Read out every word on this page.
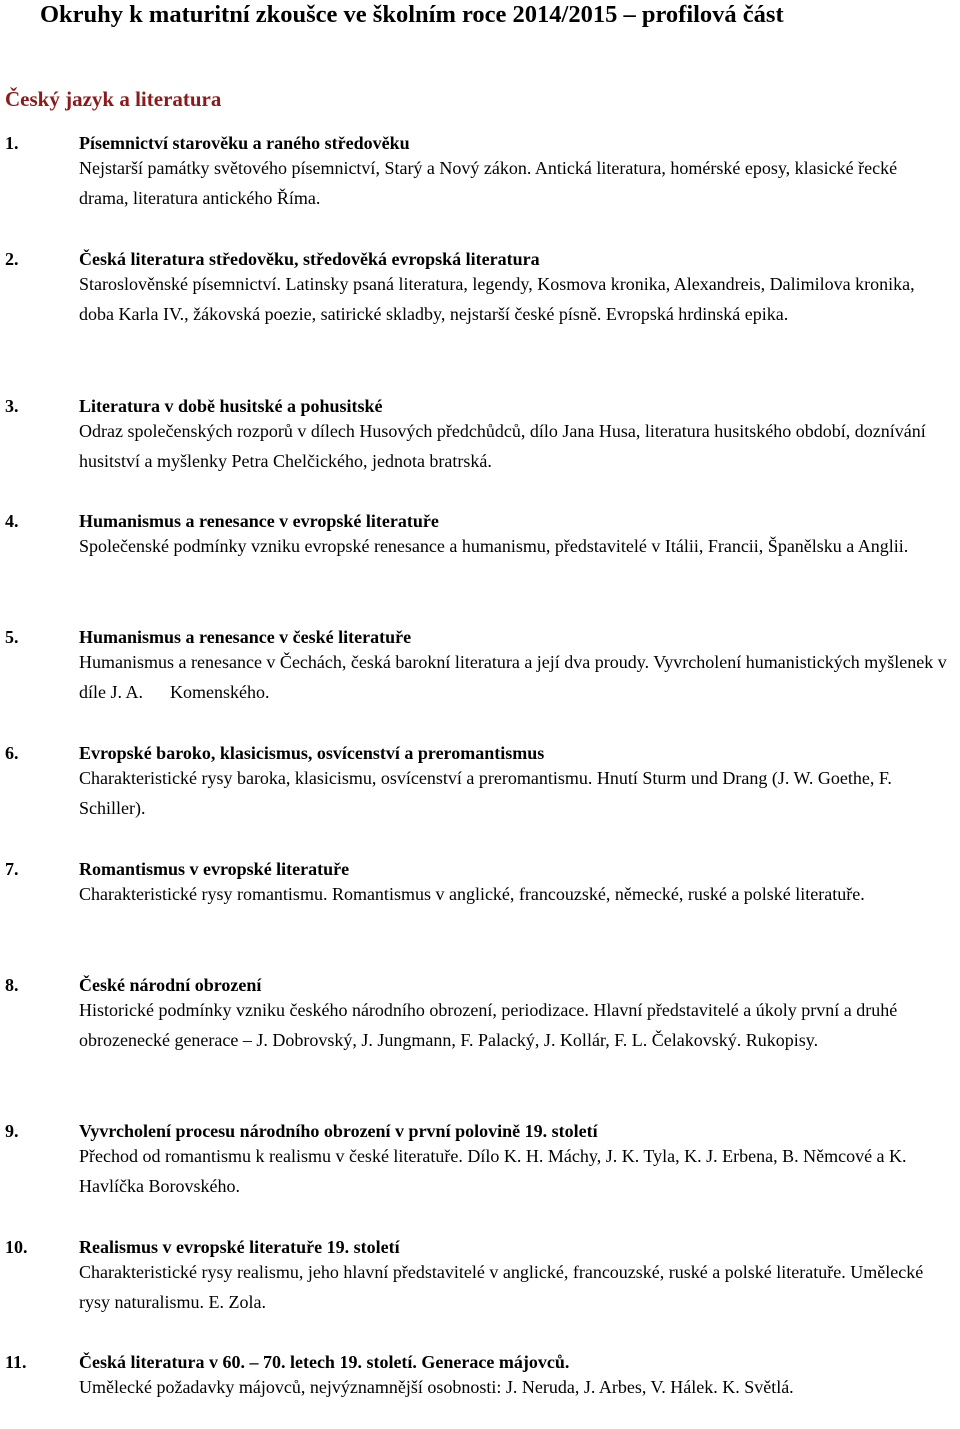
Okruhy k maturitní zkoušce ve školním roce 2014/2015 – profilová část
Český jazyk a literatura
1.	Písemnictví starověku a raného středověku

Nejstarší památky světového písemnictví, Starý a Nový zákon. Antická literatura, homérské eposy, klasické řecké drama, literatura antického Říma.

2.	Česká literatura středověku, středověká evropská literatura

Staroslověnské písemnictví. Latinsky psaná literatura, legendy, Kosmova kronika, Alexandreis, Dalimilova kronika, doba Karla IV., žákovská poezie, satirické skladby, nejstarší české písně. Evropská hrdinská epika.

3.	Literatura v době husitské a pohusitské

Odraz společenských rozporů v dílech Husových předchůdců, dílo Jana Husa, literatura husitského období, doznívání husitství a myšlenky Petra Chelčického, jednota bratrská.

4.	Humanismus a renesance v evropské literatuře

Společenské podmínky vzniku evropské renesance a humanismu, představitelé v Itálii, Francii, Španělsku a Anglii.

5.	Humanismus a renesance v české literatuře

Humanismus a renesance v Čechách, česká barokní literatura a její dva proudy. Vyvrcholení humanistických myšlenek v díle J. A.      Komenského.

6.	Evropské baroko, klasicismus, osvícenství a preromantismus

Charakteristické rysy baroka, klasicismu, osvícenství a preromantismu. Hnutí Sturm und Drang (J. W. Goethe, F. Schiller).

7.	Romantismus v evropské literatuře

Charakteristické rysy romantismu. Romantismus v anglické, francouzské, německé, ruské a polské literatuře.

8.	České národní obrození

Historické podmínky vzniku českého národního obrození, periodizace. Hlavní představitelé a úkoly první a druhé obrozenecké generace – J. Dobrovský, J. Jungmann, F. Palacký, J. Kollár, F. L. Čelakovský. Rukopisy.

9.	Vyvrcholení procesu národního obrození v první polovině 19. století

Přechod od romantismu k realismu v české literatuře. Dílo K. H. Máchy, J. K. Tyla, K. J. Erbena, B. Němcové a K. Havlíčka Borovského.

10.	Realismus v evropské literatuře 19. století

Charakteristické rysy realismu, jeho hlavní představitelé v anglické, francouzské, ruské a polské literatuře. Umělecké rysy naturalismu. E. Zola.

11.	Česká literatura v 60. – 70. letech 19. století. Generace májovců.

Umělecké požadavky májovců, nejvýznamnější osobnosti: J. Neruda, J. Arbes, V. Hálek. K. Světlá.
